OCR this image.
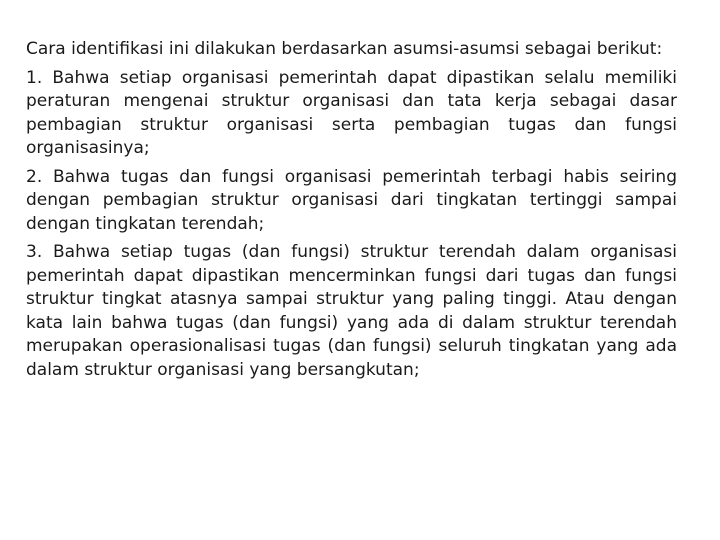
Cara identifikasi ini dilakukan berdasarkan asumsi-asumsi sebagai berikut:

1. Bahwa setiap organisasi pemerintah dapat dipastikan selalu memiliki peraturan mengenai struktur organisasi dan tata kerja sebagai dasar pembagian struktur organisasi serta pembagian tugas dan fungsi organisasinya;

2. Bahwa tugas dan fungsi organisasi pemerintah terbagi habis seiring dengan pembagian struktur organisasi dari tingkatan tertinggi sampai dengan tingkatan terendah;

3. Bahwa setiap tugas (dan fungsi) struktur terendah dalam organisasi pemerintah dapat dipastikan mencerminkan fungsi dari tugas dan fungsi struktur tingkat atasnya sampai struktur yang paling tinggi. Atau dengan kata lain bahwa tugas (dan fungsi) yang ada di dalam struktur terendah merupakan operasionalisasi tugas (dan fungsi) seluruh tingkatan yang ada dalam struktur organisasi yang bersangkutan;
